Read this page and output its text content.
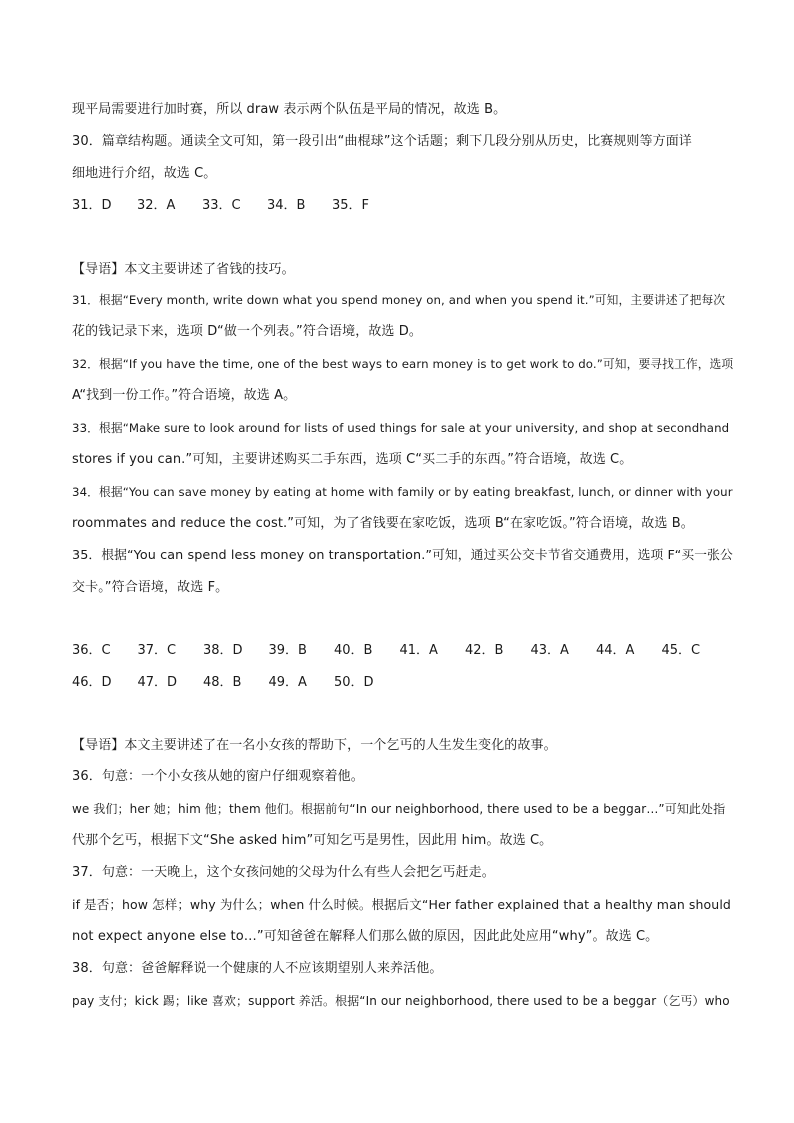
现平局需要进行加时赛，所以 draw 表示两个队伍是平局的情况，故选 B。
30．篇章结构题。通读全文可知，第一段引出“曲棍球”这个话题；剩下几段分别从历史，比赛规则等方面详
细地进行介绍，故选 C。
31．D 32．A 33．C 34．B 35．F
【导语】本文主要讲述了省钱的技巧。
31．根据“Every month, write down what you spend money on, and when you spend it.”可知，主要讲述了把每次
花的钱记录下来，选项 D“做一个列表。”符合语境，故选 D。
32．根据“If you have the time, one of the best ways to earn money is to get work to do.”可知，要寻找工作，选项
A“找到一份工作。”符合语境，故选 A。
33．根据“Make sure to look around for lists of used things for sale at your university, and shop at secondhand
stores if you can.”可知，主要讲述购买二手东西，选项 C“买二手的东西。”符合语境，故选 C。
34．根据“You can save money by eating at home with family or by eating breakfast, lunch, or dinner with your
roommates and reduce the cost.”可知，为了省钱要在家吃饭，选项 B“在家吃饭。”符合语境，故选 B。
35．根据“You can spend less money on transportation.”可知，通过买公交卡节省交通费用，选项 F“买一张公
交卡。”符合语境，故选 F。
36．C 37．C 38．D 39．B 40．B 41．A 42．B 43．A 44．A 45．C
46．D 47．D 48．B 49．A 50．D
【导语】本文主要讲述了在一名小女孩的帮助下，一个乞丐的人生发生变化的故事。
36．句意：一个小女孩从她的窗户仔细观察着他。
we 我们；her 她；him 他；them 他们。根据前句“In our neighborhood, there used to be a beggar…”可知此处指
代那个乞丐，根据下文“She asked him”可知乞丐是男性，因此用 him。故选 C。
37．句意：一天晚上，这个女孩问她的父母为什么有些人会把乞丐赶走。
if 是否；how 怎样；why 为什么；when 什么时候。根据后文“Her father explained that a healthy man should
not expect anyone else to…”可知爸爸在解释人们那么做的原因，因此此处应用“why”。故选 C。
38．句意：爸爸解释说一个健康的人不应该期望别人来养活他。
pay 支付；kick 踢；like 喜欢；support 养活。根据“In our neighborhood, there used to be a beggar（乞丐）who
